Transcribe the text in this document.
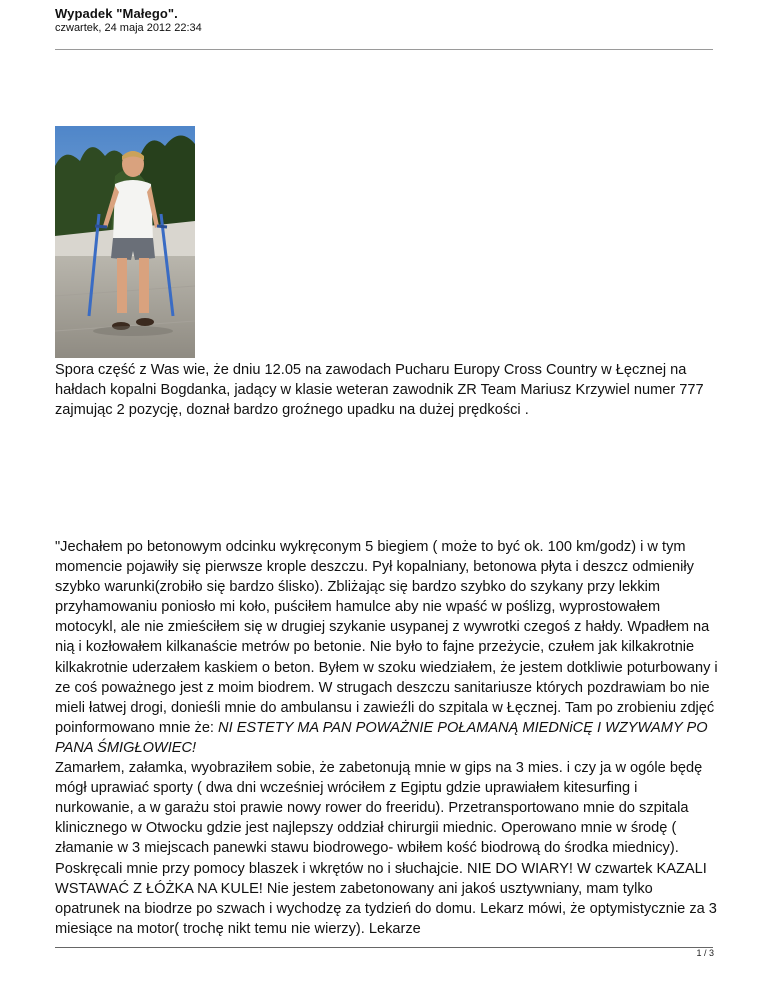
Wypadek "Małego".
czwartek, 24 maja 2012 22:34

Spora część z Was wie, że dniu 12.05 na zawodach Pucharu Europy Cross Country w Łęcznej na hałdach kopalni Bogdanka, jadący w klasie weteran zawodnik ZR Team Mariusz Krzywiel numer 777 zajmując 2 pozycję, doznał bardzo groźnego upadku na dużej prędkości .

"Jechałem po betonowym odcinku wykręconym 5 biegiem ( może to być ok. 100 km/godz) i w tym momencie pojawiły się pierwsze krople deszczu. Pył kopalniany, betonowa płyta i deszcz odmieniły szybko warunki(zrobiło się bardzo ślisko). Zbliżając się bardzo szybko do szykany przy lekkim przyhamowaniu poniosło mi koło, puściłem hamulce aby nie wpaść w poślizg, wyprostowałem motocykl, ale nie zmieściłem się w drugiej szykanie usypanej z wywrotki czegoś z hałdy. Wpadłem na nią i kozłowałem kilkanaście metrów po betonie. Nie było to fajne przeżycie, czułem jak kilkakrotnie kilkakrotnie uderzałem kaskiem o beton. Byłem w szoku wiedziałem, że jestem dotkliwie poturbowany i ze coś poważnego jest z moim biodrem. W strugach deszczu sanitariusze których pozdrawiam bo nie mieli łatwej drogi, donieśli mnie do ambulansu i zawieźli do szpitala w Łęcznej. Tam po zrobieniu zdjęć poinformowano mnie że: NI ESTETY MA PAN POWAŻNIE POŁAMANĄ MIEDNiCĘ I WZYWAMY PO PANA ŚMIGŁOWIEC!

Zamarłem, załamka, wyobraziłem sobie, że zabetonują mnie w gips na 3 mies. i czy ja w ogóle będę mógł uprawiać sporty ( dwa dni wcześniej wróciłem z Egiptu gdzie uprawiałem kitesurfing i nurkowanie, a w garażu stoi prawie nowy rower do freeridu). Przetransportowano mnie do szpitala klinicznego w Otwocku gdzie jest najlepszy oddział chirurgii miednic. Operowano mnie w środę ( złamanie w 3 miejscach panewki stawu biodrowego- wbiłem kość biodrową do środka miednicy). Poskręcali mnie przy pomocy blaszek i wkrętów no i słuchajcie. NIE DO WIARY! W czwartek KAZALI WSTAWAĆ Z ŁÓŻKA NA KULE! Nie jestem zabetonowany ani jakoś usztywniany, mam tylko opatrunek na biodrze po szwach i wychodzę za tydzień do domu. Lekarz mówi, że optymistycznie za 3 miesiące na motor( trochę nikt temu nie wierzy). Lekarze

1 / 3
